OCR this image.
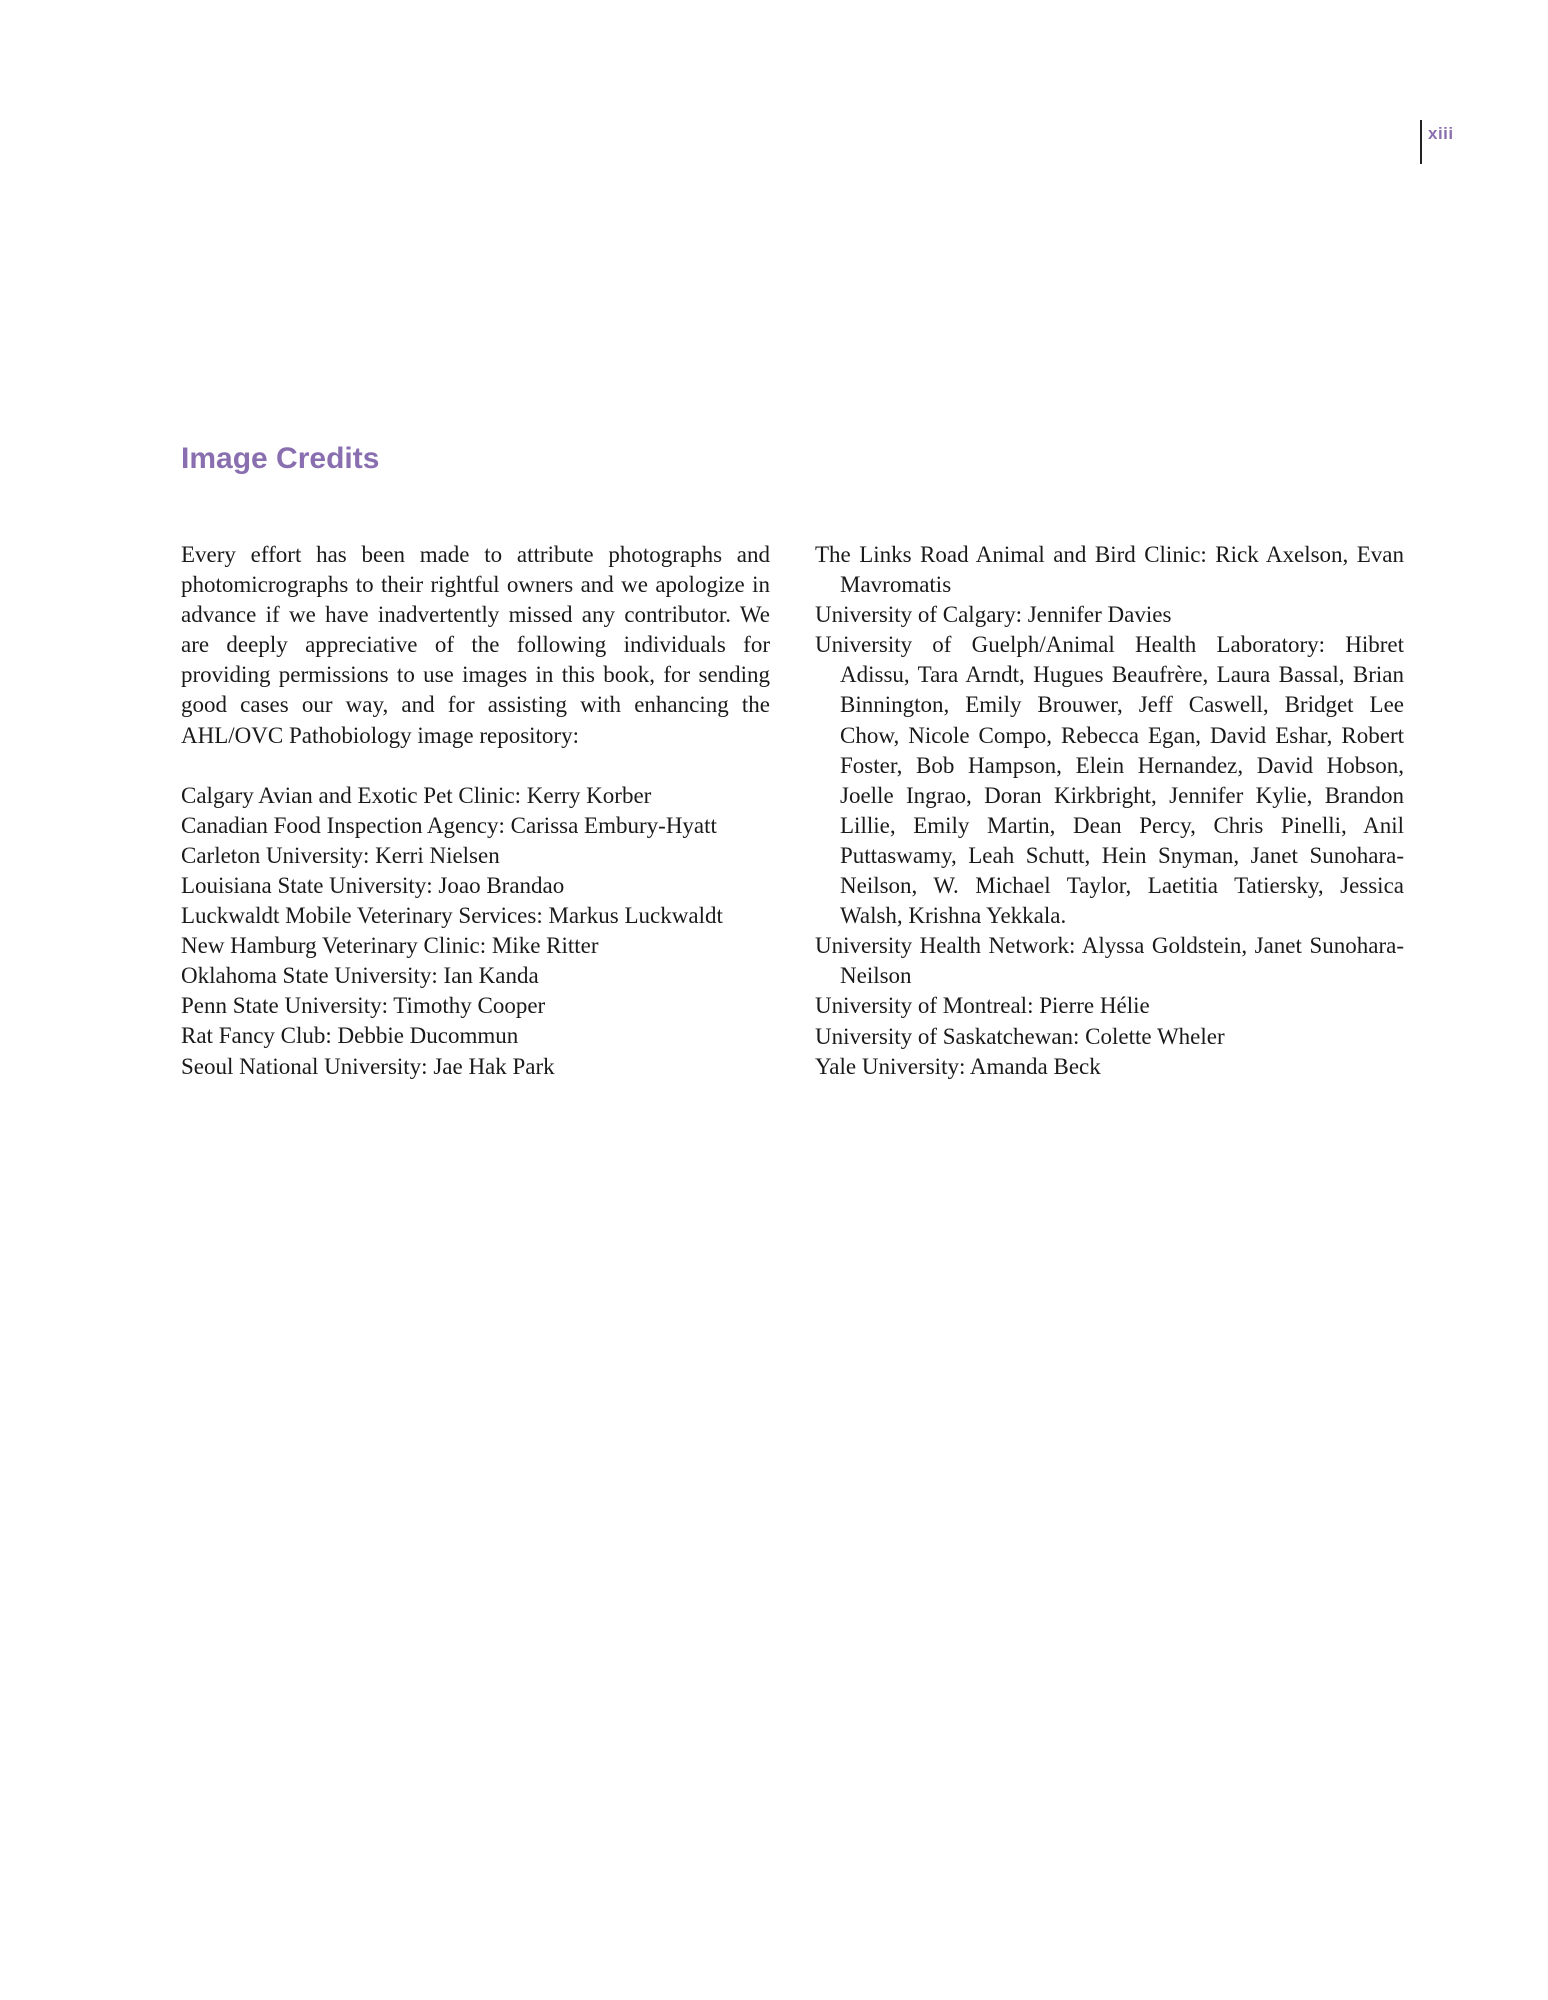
xiii
Image Credits

Every effort has been made to attribute photographs and photomicrographs to their rightful owners and we apologize in advance if we have inadvertently missed any contributor. We are deeply appreciative of the following individuals for providing permissions to use images in this book, for sending good cases our way, and for assisting with enhancing the AHL/OVC Pathobiology image repository:

Calgary Avian and Exotic Pet Clinic: Kerry Korber
Canadian Food Inspection Agency: Carissa Embury-Hyatt
Carleton University: Kerri Nielsen
Louisiana State University: Joao Brandao
Luckwaldt Mobile Veterinary Services: Markus Luckwaldt
New Hamburg Veterinary Clinic: Mike Ritter
Oklahoma State University: Ian Kanda
Penn State University: Timothy Cooper
Rat Fancy Club: Debbie Ducommun
Seoul National University: Jae Hak Park
The Links Road Animal and Bird Clinic: Rick Axelson, Evan Mavromatis
University of Calgary: Jennifer Davies
University of Guelph/Animal Health Laboratory: Hibret Adissu, Tara Arndt, Hugues Beaufrère, Laura Bassal, Brian Binnington, Emily Brouwer, Jeff Caswell, Bridget Lee Chow, Nicole Compo, Rebecca Egan, David Eshar, Robert Foster, Bob Hampson, Elein Hernandez, David Hobson, Joelle Ingrao, Doran Kirkbright, Jennifer Kylie, Brandon Lillie, Emily Martin, Dean Percy, Chris Pinelli, Anil Puttaswamy, Leah Schutt, Hein Snyman, Janet Sunohara-Neilson, W. Michael Taylor, Laetitia Tatiersky, Jessica Walsh, Krishna Yekkala.
University Health Network: Alyssa Goldstein, Janet Sunohara-Neilson
University of Montreal: Pierre Hélie
University of Saskatchewan: Colette Wheler
Yale University: Amanda Beck
